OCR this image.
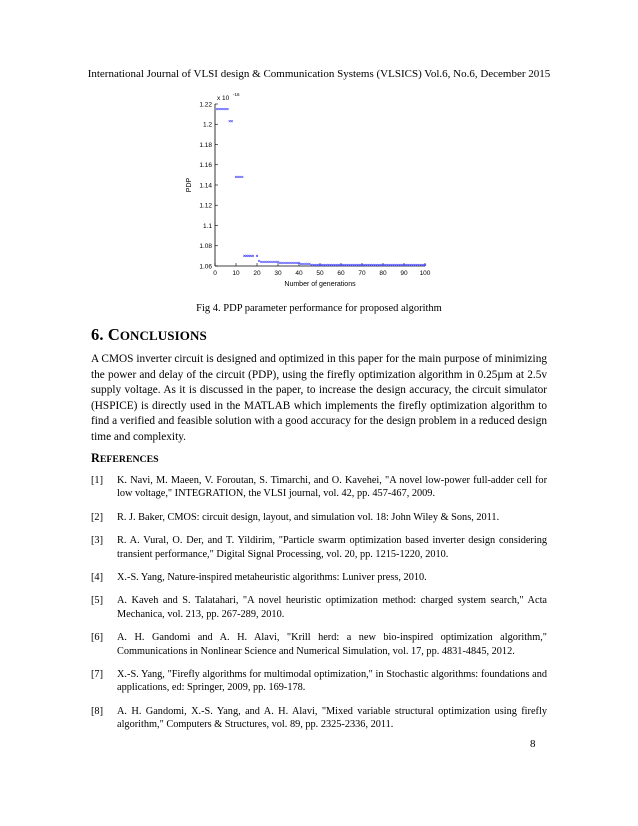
International Journal of VLSI design & Communication Systems (VLSICS) Vol.6, No.6, December 2015
0 10 20 30 40 50 60 70 80 90 100
1.06
1.08
1.1
1.12
1.14
1.16
1.18
1.2
1.22
x 10
-16
Number of generations
PDP
Fig 4. PDP parameter performance for proposed algorithm
6. CONCLUSIONS
A CMOS inverter circuit is designed and optimized in this paper for the main purpose of minimizing the power and delay of the circuit (PDP), using the firefly optimization algorithm in 0.25µm at 2.5v supply voltage. As it is discussed in the paper, to increase the design accuracy, the circuit simulator (HSPICE) is directly used in the MATLAB which implements the firefly optimization algorithm to find a verified and feasible solution with a good accuracy for the design problem in a reduced design time and complexity.
REFERENCES
[1] K. Navi, M. Maeen, V. Foroutan, S. Timarchi, and O. Kavehei, "A novel low-power full-adder cell for low voltage," INTEGRATION, the VLSI journal, vol. 42, pp. 457-467, 2009.
[2] R. J. Baker, CMOS: circuit design, layout, and simulation vol. 18: John Wiley & Sons, 2011.
[3] R. A. Vural, O. Der, and T. Yildirim, "Particle swarm optimization based inverter design considering transient performance," Digital Signal Processing, vol. 20, pp. 1215-1220, 2010.
[4] X.-S. Yang, Nature-inspired metaheuristic algorithms: Luniver press, 2010.
[5] A. Kaveh and S. Talatahari, "A novel heuristic optimization method: charged system search," Acta Mechanica, vol. 213, pp. 267-289, 2010.
[6] A. H. Gandomi and A. H. Alavi, "Krill herd: a new bio-inspired optimization algorithm," Communications in Nonlinear Science and Numerical Simulation, vol. 17, pp. 4831-4845, 2012.
[7] X.-S. Yang, "Firefly algorithms for multimodal optimization," in Stochastic algorithms: foundations and applications, ed: Springer, 2009, pp. 169-178.
[8] A. H. Gandomi, X.-S. Yang, and A. H. Alavi, "Mixed variable structural optimization using firefly algorithm," Computers & Structures, vol. 89, pp. 2325-2336, 2011.
8
